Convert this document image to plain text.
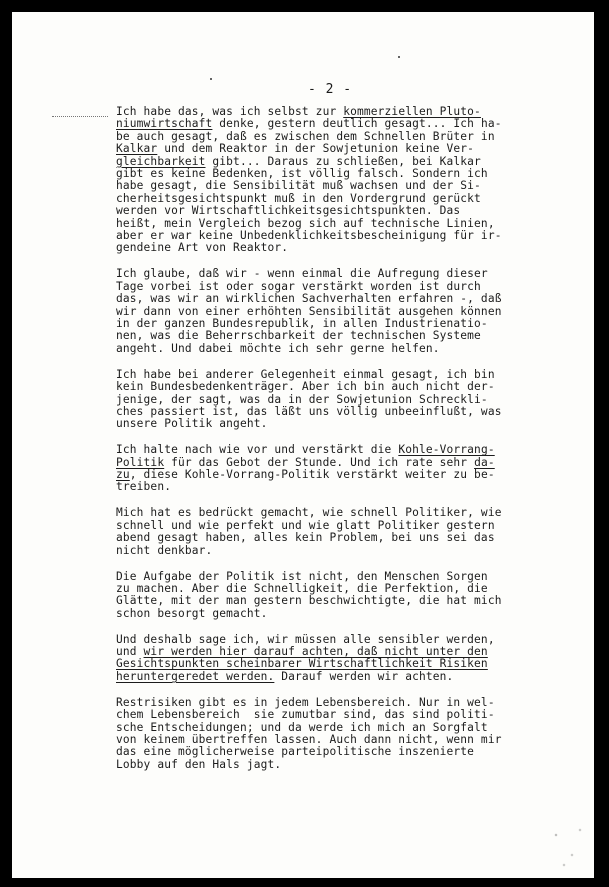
- 2 -
Ich habe das, was ich selbst zur kommerziellen Pluto-
niumwirtschaft denke, gestern deutlich gesagt... Ich ha-
be auch gesagt, daß es zwischen dem Schnellen Brüter in
Kalkar und dem Reaktor in der Sowjetunion keine Ver-
gleichbarkeit gibt... Daraus zu schließen, bei Kalkar
gibt es keine Bedenken, ist völlig falsch. Sondern ich
habe gesagt, die Sensibilität muß wachsen und der Si-
cherheitsgesichtspunkt muß in den Vordergrund gerückt
werden vor Wirtschaftlichkeitsgesichtspunkten. Das
heißt, mein Vergleich bezog sich auf technische Linien,
aber er war keine Unbedenklichkeitsbescheinigung für ir-
gendeine Art von Reaktor.
Ich glaube, daß wir - wenn einmal die Aufregung dieser
Tage vorbei ist oder sogar verstärkt worden ist durch
das, was wir an wirklichen Sachverhalten erfahren -, daß
wir dann von einer erhöhten Sensibilität ausgehen können
in der ganzen Bundesrepublik, in allen Industrienatio-
nen, was die Beherrschbarkeit der technischen Systeme
angeht. Und dabei möchte ich sehr gerne helfen.
Ich habe bei anderer Gelegenheit einmal gesagt, ich bin
kein Bundesbedenkenträger. Aber ich bin auch nicht der-
jenige, der sagt, was da in der Sowjetunion Schreckli-
ches passiert ist, das läßt uns völlig unbeeinflußt, was
unsere Politik angeht.
Ich halte nach wie vor und verstärkt die Kohle-Vorrang-
Politik für das Gebot der Stunde. Und ich rate sehr da-
zu, diese Kohle-Vorrang-Politik verstärkt weiter zu be-
treiben.
Mich hat es bedrückt gemacht, wie schnell Politiker, wie
schnell und wie perfekt und wie glatt Politiker gestern
abend gesagt haben, alles kein Problem, bei uns sei das
nicht denkbar.
Die Aufgabe der Politik ist nicht, den Menschen Sorgen
zu machen. Aber die Schnelligkeit, die Perfektion, die
Glätte, mit der man gestern beschwichtigte, die hat mich
schon besorgt gemacht.
Und deshalb sage ich, wir müssen alle sensibler werden,
und wir werden hier darauf achten, daß nicht unter den
Gesichtspunkten scheinbarer Wirtschaftlichkeit Risiken
heruntergeredet werden. Darauf werden wir achten.
Restrisiken gibt es in jedem Lebensbereich. Nur in wel-
chem Lebensbereich  sie zumutbar sind, das sind politi-
sche Entscheidungen; und da werde ich mich an Sorgfalt
von keinem übertreffen lassen. Auch dann nicht, wenn mir
das eine möglicherweise parteipolitische inszenierte
Lobby auf den Hals jagt.
